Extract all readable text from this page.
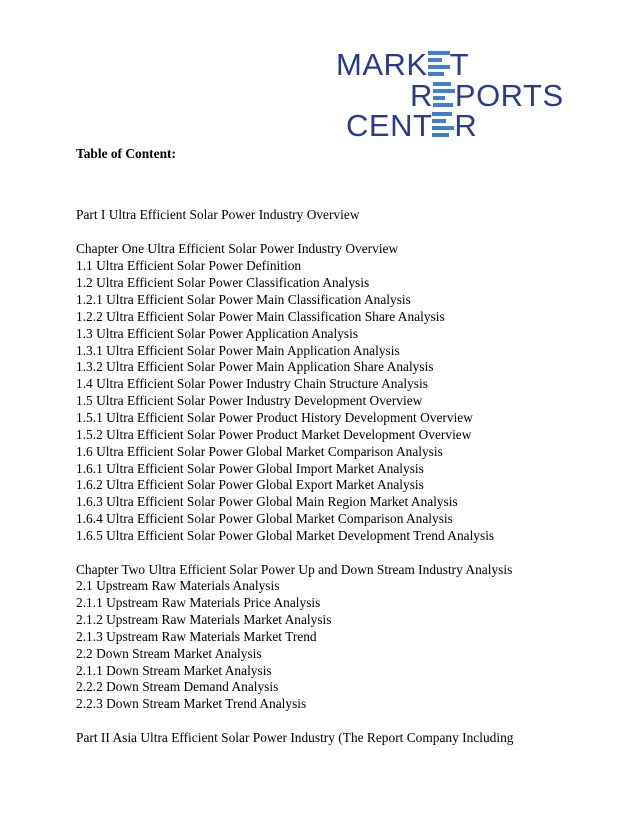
MARK T
R PORTS
CENT R
Table of Content:
Part I Ultra Efficient Solar Power Industry Overview
Chapter One Ultra Efficient Solar Power Industry Overview
1.1 Ultra Efficient Solar Power Definition
1.2 Ultra Efficient Solar Power Classification Analysis
1.2.1 Ultra Efficient Solar Power Main Classification Analysis
1.2.2 Ultra Efficient Solar Power Main Classification Share Analysis
1.3 Ultra Efficient Solar Power Application Analysis
1.3.1 Ultra Efficient Solar Power Main Application Analysis
1.3.2 Ultra Efficient Solar Power Main Application Share Analysis
1.4 Ultra Efficient Solar Power Industry Chain Structure Analysis
1.5 Ultra Efficient Solar Power Industry Development Overview
1.5.1 Ultra Efficient Solar Power Product History Development Overview
1.5.2 Ultra Efficient Solar Power Product Market Development Overview
1.6 Ultra Efficient Solar Power Global Market Comparison Analysis
1.6.1 Ultra Efficient Solar Power Global Import Market Analysis
1.6.2 Ultra Efficient Solar Power Global Export Market Analysis
1.6.3 Ultra Efficient Solar Power Global Main Region Market Analysis
1.6.4 Ultra Efficient Solar Power Global Market Comparison Analysis
1.6.5 Ultra Efficient Solar Power Global Market Development Trend Analysis
Chapter Two Ultra Efficient Solar Power Up and Down Stream Industry Analysis
2.1 Upstream Raw Materials Analysis
2.1.1 Upstream Raw Materials Price Analysis
2.1.2 Upstream Raw Materials Market Analysis
2.1.3 Upstream Raw Materials Market Trend
2.2 Down Stream Market Analysis
2.1.1 Down Stream Market Analysis
2.2.2 Down Stream Demand Analysis
2.2.3 Down Stream Market Trend Analysis
Part II Asia Ultra Efficient Solar Power Industry (The Report Company Including
